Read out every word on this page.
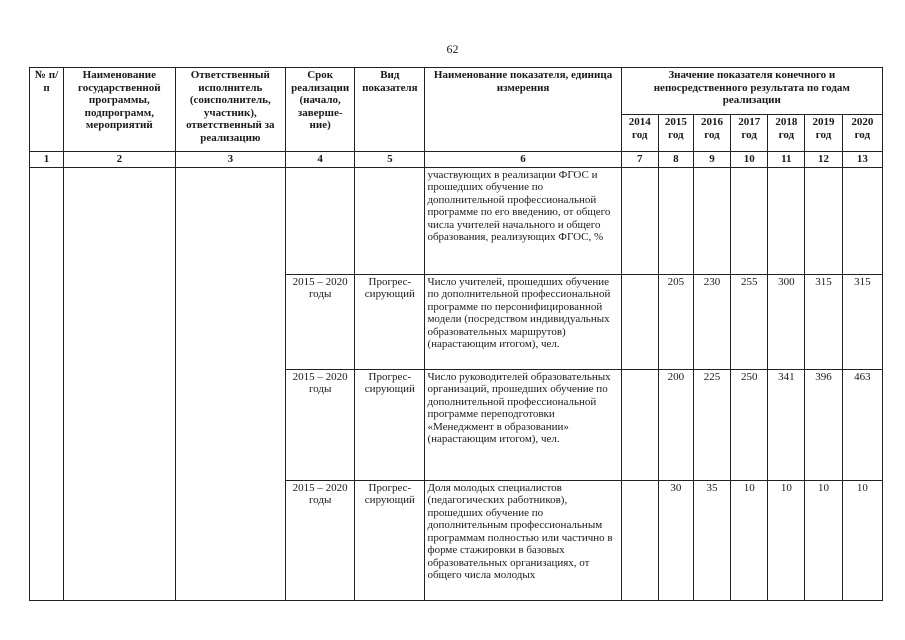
62
№ п/п	Наименование государственной программы, подпрограмм, мероприятий	Ответственный исполнитель (соисполнитель, участник), ответственный за реализацию	Срок реализации (начало, заверше-ние)	Вид показателя	Наименование показателя, единица измерения	Значение показателя конечного и непосредственного результата по годам реализации						
						2014 год	2015 год	2016 год	2017 год	2018 год	2019 год	2020 год
1	2	3	4	5	6	7	8	9	10	11	12	13
					участвующих в реализации ФГОС и прошедших обучение по дополнительной профессиональной программе по его введению, от общего числа учителей начального и общего образования, реализующих ФГОС, %							
			2015 – 2020 годы	Прогрес-сирующий	Число учителей, прошедших обучение по дополнительной профессиональной программе по персонифицированной модели (посредством индивидуальных образовательных маршрутов) (нарастающим итогом), чел.		205	230	255	300	315	315
			2015 – 2020 годы	Прогрес-сирующий	Число руководителей образовательных организаций, прошедших обучение по дополнительной профессиональной программе переподготовки «Менеджмент в образовании» (нарастающим итогом), чел.		200	225	250	341	396	463
			2015 – 2020 годы	Прогрес-сирующий	Доля молодых специалистов (педагогических работников), прошедших обучение по дополнительным профессиональным программам полностью или частично в форме стажировки в базовых образовательных организациях, от общего числа молодых		30	35	10	10	10	10
